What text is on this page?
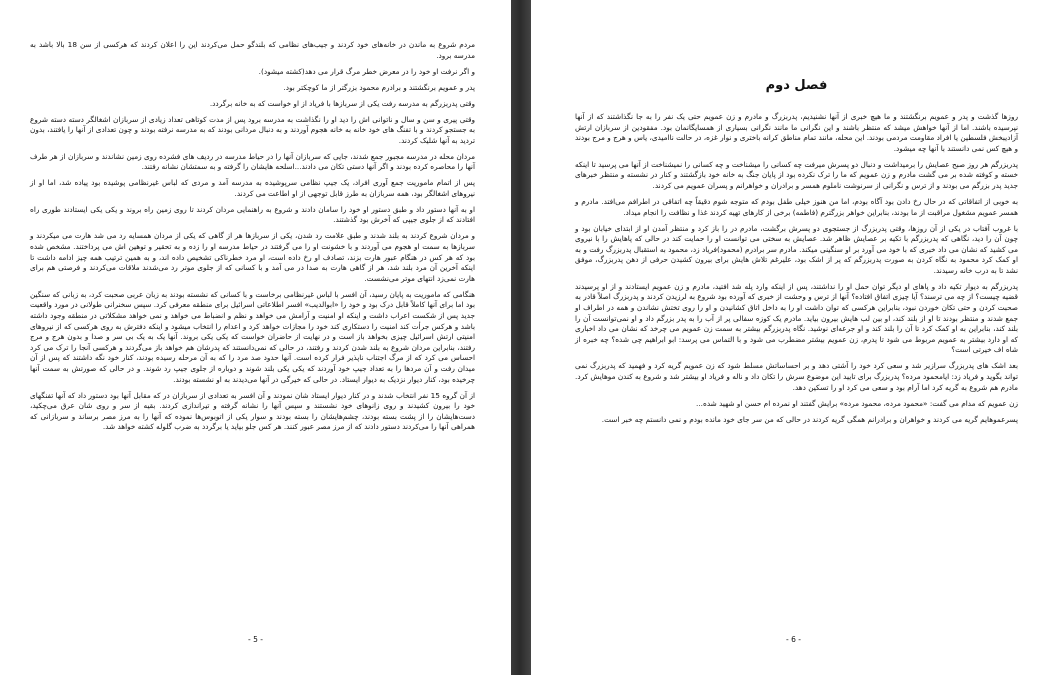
مردم شروع به ماندن در خانه‌های خود کردند و جیب‌های نظامی که بلندگو حمل می‌کردند این را اعلان کردند که هرکسی از سن 18 بالا باشد به مدرسه برود.

و اگر نرفت او خود را در معرض خطر مرگ قرار می دهد(کشته میشود).

پدر و عمویم برنگشتند و برادرم محمود بزرگتر از ما کوچکتر بود.

وقتی پدربزرگم به مدرسه رفت یکی از سربازها با فریاد از او خواست که به خانه برگردد.

وقتی پیری و سن و سال و ناتوانی اش را دید او را نگذاشت به مدرسه برود پس از مدت کوتاهی تعداد زیادی از سربازان اشغالگر دسته دسته شروع به جستجو کردند و با تفنگ های خود خانه به خانه هجوم آوردند و به دنبال مردانی بودند که به مدرسه نرفته بودند و چون تعدادی از آنها را یافتند، بدون تردید به آنها شلیک کردند.

مردان محله در مدرسه مجبور جمع شدند، جایی که سربازان آنها را در حیاط مدرسه در ردیف های فشرده روی زمین نشاندند و سربازان از هر طرف آنها را محاصره کرده بودند و اگر آنها دستی تکان می دادند...اسلحه هایشان را گرفته و به سمتشان نشانه رفتند.

پس از اتمام ماموریت جمع آوری افراد، یک جیپ نظامی سرپوشیده به مدرسه آمد و مردی که لباس غیرنظامی پوشیده بود پیاده شد، اما او از نیروهای اشغالگر بود، همه سربازان به طرز قابل توجهی از او اطاعت می کردند.

او به آنها دستور داد و طبق دستور او خود را سامان دادند و شروع به راهنمایی مردان کردند تا روی زمین راه بروند و یکی یکی ایستادند طوری راه افتادند که از جلوی جیپی که آخرش بود گذشتند.

و مردان شروع کردند به بلند شدند و طبق علامت رد شدن، یکی از سربازها هر از گاهی که یکی از مردان همسایه رد می شد هارت می میکردند و سربازها به سمت او هجوم می آوردند و با خشونت او را می گرفتند در حیاط مدرسه او را زده و به تحقیر و توهین اش می پرداختند. مشخص شده بود که هر کس در هنگام عبور هارت بزند، تصادف او رخ داده است، او مرد خطرناکی تشخیص داده اند، و به همین ترتیب همه چیز ادامه داشت تا اینکه آخرین آن مرد بلند شد، هر از گاهی هارت به صدا در می آمد و با کسانی که از جلوی موتر رد می‌شدند ملاقات می‌کردند و فرصتی هم برای هارت نمی‌زد انتهای موتر می‌نشست.

هنگامی که ماموریت به پایان رسید، آن افسر با لباس غیرنظامی برخاست و با کسانی که نشسته بودند به زبان عربی صحبت کرد، به زبانی که سنگین بود اما برای آنها کاملاً قابل درک بود و خود را «ابوالدیب» افسر اطلاعاتی اسرائیل برای منطقه معرفی کرد. سپس سخنرانی طولانی در مورد واقعیت جدید پس از شکست اعراب داشت و اینکه او امنیت و آرامش می خواهد و نظم و انضباط می خواهد و نمی خواهد مشکلاتی در منطقه وجود داشته باشد و هرکس جرأت کند امنیت را دستکاری کند خود را مجازات خواهد کرد و اعدام را انتخاب میشود و اینکه دفترش به روی هرکسی که از نیروهای امنیتی ارتش اسرائیل چیزی بخواهد باز است و در نهایت از حاضران خواست که یکی یکی بروند. آنها یک به یک بی سر و صدا و بدون هرج و مرج رفتند، بنابراین مردان شروع به بلند شدن کردند و رفتند، در حالی که نمی‌دانستند که پدرشان هم خواهد باز می‌گردند و هرکسی آنجا را ترک می کرد احساس می کرد که از مرگ اجتناب ناپذیر فرار کرده است. آنها حدود صد مرد را که به آن مرحله رسیده بودند، کنار خود نگه داشتند که پس از آن میدان رفت و آن مردها را به تعداد جیپ خود آوردند که یکی یکی بلند شوند و دوباره از جلوی جیپ رد شوند. و در حالی که صورتش به سمت آنها چرخیده بود، کنار دیوار نزدیک به دیوار ایستاد. در حالی که خیرگی در آنها می‌دیدند به او نشسته بودند.

از آن گروه 15 نفر انتخاب شدند و در کنار دیوار ایستاد شان نمودند و آن افسر به تعدادی از سربازان در که مقابل آنها بود دستور داد که آنها تفنگهای خود را بیرون کشیدند و روی زانوهای خود نشستند و سپس آنها را نشانه گرفته و تیراندازی کردند. بقیه از سر و روی شان عرق می‌چکید، دست‌هایشان را از پشت بسته بودند، چشم‌هایشان را بسته بودند و سوار یکی از اتوبوس‌ها نموده که آنها را به مرز مصر برساند و سربازانی که همراهی آنها را می‌کردند دستور دادند که از مرز مصر عبور کنند. هر کس جلو بیاید یا برگردد به ضرب گلوله کشته خواهد شد.

- 5 -
فصل دوم

روزها گذشت و پدر و عمویم برنگشتند و ما هیچ خبری از آنها نشنیدیم، پدربزرگ و مادرم و زن عمویم حتی یک نفر را به جا نگذاشتند که از آنها نپرسیده باشند. اما از آنها خواهش میشد که منتظر باشند و این نگرانی ما مانند نگرانی بسیاری از همسایگانمان بود. مفقودین از سربازان ارتش آزادیبخش فلسطین یا افراد مقاومت مردمی بودند. این محله، مانند تمام مناطق کرانه باختری و نوار غزه، در حالت ناامیدی، یاس و هرج و مرج بودند و هیچ کس نمی دانستند با آنها چه میشود.

پدربزرگم هر روز صبح عصایش را برمیداشت و دنبال دو پسرش میرفت چه کسانی را میشناخت و چه کسانی را نمیشناخت از آنها می پرسید تا اینکه خسته و کوفته شده بر می گشت مادرم و زن عمویم که ما را ترک نکرده بود از پایان جنگ به خانه خود بازگشتند و کنار در نشسته و منتظر خبرهای جدید پدر بزرگم می بودند و از ترس و نگرانی از سرنوشت ناملوم همسر و برادران و خواهرانم و پسران عمویم می کردند.

به خوبی از اتفاقاتی که در حال رخ دادن بود آگاه بودم، اما من هنوز خیلی طفل بودم که متوجه شوم دقیقاً چه اتفاقی در اطرافم می‌افتد. مادرم و همسر عمویم مشغول مراقبت از ما بودند، بنابراین خواهر بزرگترم (فاطمه) برخی از کارهای تهیه کردند غذا و نظافت را انجام میداد.

با غروب آفتاب در یکی از آن روزها، وقتی پدربزرگ از جستجوی دو پسرش برگشت، مادرم در را باز کرد و منتظر آمدن او از ابتدای خیابان بود و چون آن را دید، نگاهی که پدربزرگم با تکیه بر عصایش ظاهر شد. عصایش به سختی می توانست او را حمایت کند در حالی که پاهایش را با نیروی می کشید که نشان می داد خبری که با خود می آورد بر او سنگینی میکند. مادرم سر برادرم (محمود)فریاد زد، محمود به استقبال پدربزرگ رفت و به او کمک کرد محمود به نگاه کردن به صورت پدربزرگم که پر از اشک بود، علیرغم تلاش هایش برای بیرون کشیدن حرفی از دهن پدربزرگ، موفق نشد تا به درب خانه رسیدند.

پدربزرگم به دیوار تکیه داد و پاهای او دیگر توان حمل او را نداشتند، پس از اینکه وارد پله شد افتید، مادرم و زن عمویم ایستادند و از او پرسیدند قضیه چیست؟ از چه می ترسند؟ آیا چیزی اتفاق افتاده؟ آنها از ترس و وحشت از خبری که آورده بود شروع به لرزیدن کردند و پدربزرگ اصلاً قادر به صحبت کردن و حتی تکان خوردن نبود، بنابراین هرکسی که توان داشت او را به داخل اتاق کشانیدن و او را روی تختش نشاندن و همه در اطراف او جمع شدند و منتظر بودند تا او از بلند کند، او بین لب هایش بیرون بیاید. مادرم یک کوزه سفالی پر از آب را به پدر بزرگم داد و او نمی‌توانست آن را بلند کند، بنابراین به او کمک کرد تا آن را بلند کند و او جرعه‌ای نوشید. نگاه پدربزرگم بیشتر به سمت زن عمویم می چرخد که نشان می داد اخباری که او دارد بیشتر به عمویم مربوط می شود تا پدرم، زن عمویم بیشتر مضطرب می شود و با التماس می پرسد: ابو ابراهیم چی شده؟ چه خبره از شاه اف خیرتی است؟

بعد اشک های پدربزرگ سرازیر شد و سعی کرد خود را آشتی دهد و بر احساساتش مسلط شود که زن عمویم گریه کرد و فهمید که پدربزرگ نمی تواند بگوید و فریاد زد: ایامحمود مرده؟ پدربزرگ برای تایید این موضوع سرش را تکان داد و ناله و فریاد او بیشتر شد و شروع به کندن موهایش کرد. مادرم هم شروع به گریه کرد اما آرام بود و سعی می کرد او را تسکین دهد.

زن عمویم که مدام می گفت: «محمود مرده، محمود مرده» برایش گفتند او نمرده ام حسن او شهید شده...

پسرعموهایم گریه می کردند و خواهران و برادرانم همگی گریه کردند در حالی که من سر جای خود مانده بودم و نمی دانستم چه خبر است.

- 6 -
